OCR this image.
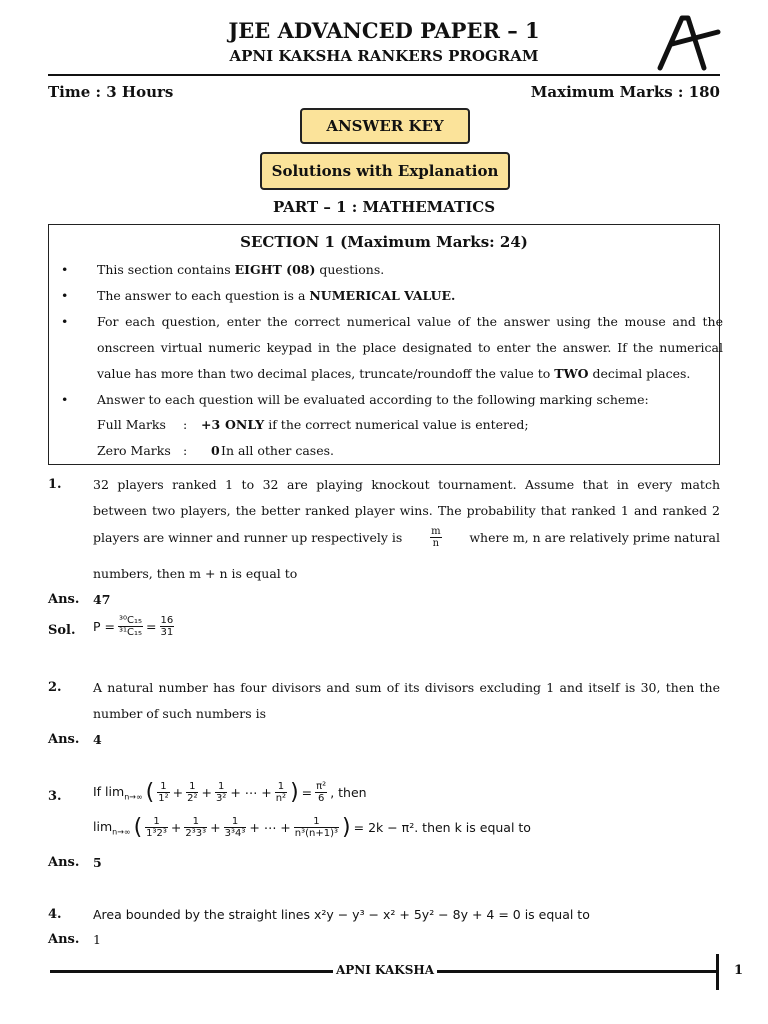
JEE ADVANCED PAPER – 1
APNI KAKSHA RANKERS PROGRAM
Time : 3 Hours	Maximum Marks : 180
ANSWER KEY
Solutions with Explanation
PART – 1 : MATHEMATICS
SECTION 1 (Maximum Marks: 24)
• This section contains EIGHT (08) questions.
• The answer to each question is a NUMERICAL VALUE.
• For each question, enter the correct numerical value of the answer using the mouse and the
onscreen virtual numeric keypad in the place designated to enter the answer. If the numerical
value has more than two decimal places, truncate/roundoff the value to TWO decimal places.
• Answer to each question will be evaluated according to the following marking scheme:
Full Marks : +3 ONLY if the correct numerical value is entered;
Zero Marks : 0 In all other cases.
1.	32 players ranked 1 to 32 are playing knockout tournament. Assume that in every match
between two players, the better ranked player wins. The probability that ranked 1 and ranked 2
players are winner and runner up respectively is	$\frac{m}{n}$ where m, n are relatively prime natural
numbers, then m + n is equal to
Ans. 47
Sol. $P = \frac{\text{³⁰C₁₅}}{\text{³¹C₁₅}} = \frac{16}{31}$
2.	A natural number has four divisors and sum of its divisors excluding 1 and itself is 30, then the
number of such numbers is
Ans. 4
3.	If $\lim_{n\to\infty}$ ( $\frac{1}{\text{1²}} + \frac{1}{\text{2²}} + \frac{1}{\text{3²}}$ + ⋯ + $\frac{1}{\text{n²}}$ ) = $\frac{\text{π²}}{6}$ , then
$\lim_{n\to\infty}$ ( $\frac{1}{\text{1³2³}} + \frac{1}{\text{2³3³}} + \frac{1}{\text{3³4³}}$ + ⋯ + $\frac{1}{\text{n³(n+1)³}}$ ) = 2k − π². then k is equal to
Ans. 5
4.	Area bounded by the straight lines x²y − y³ − x² + 5y² − 8y + 4 = 0 is equal to
Ans. 1
APNI KAKSHA	1
